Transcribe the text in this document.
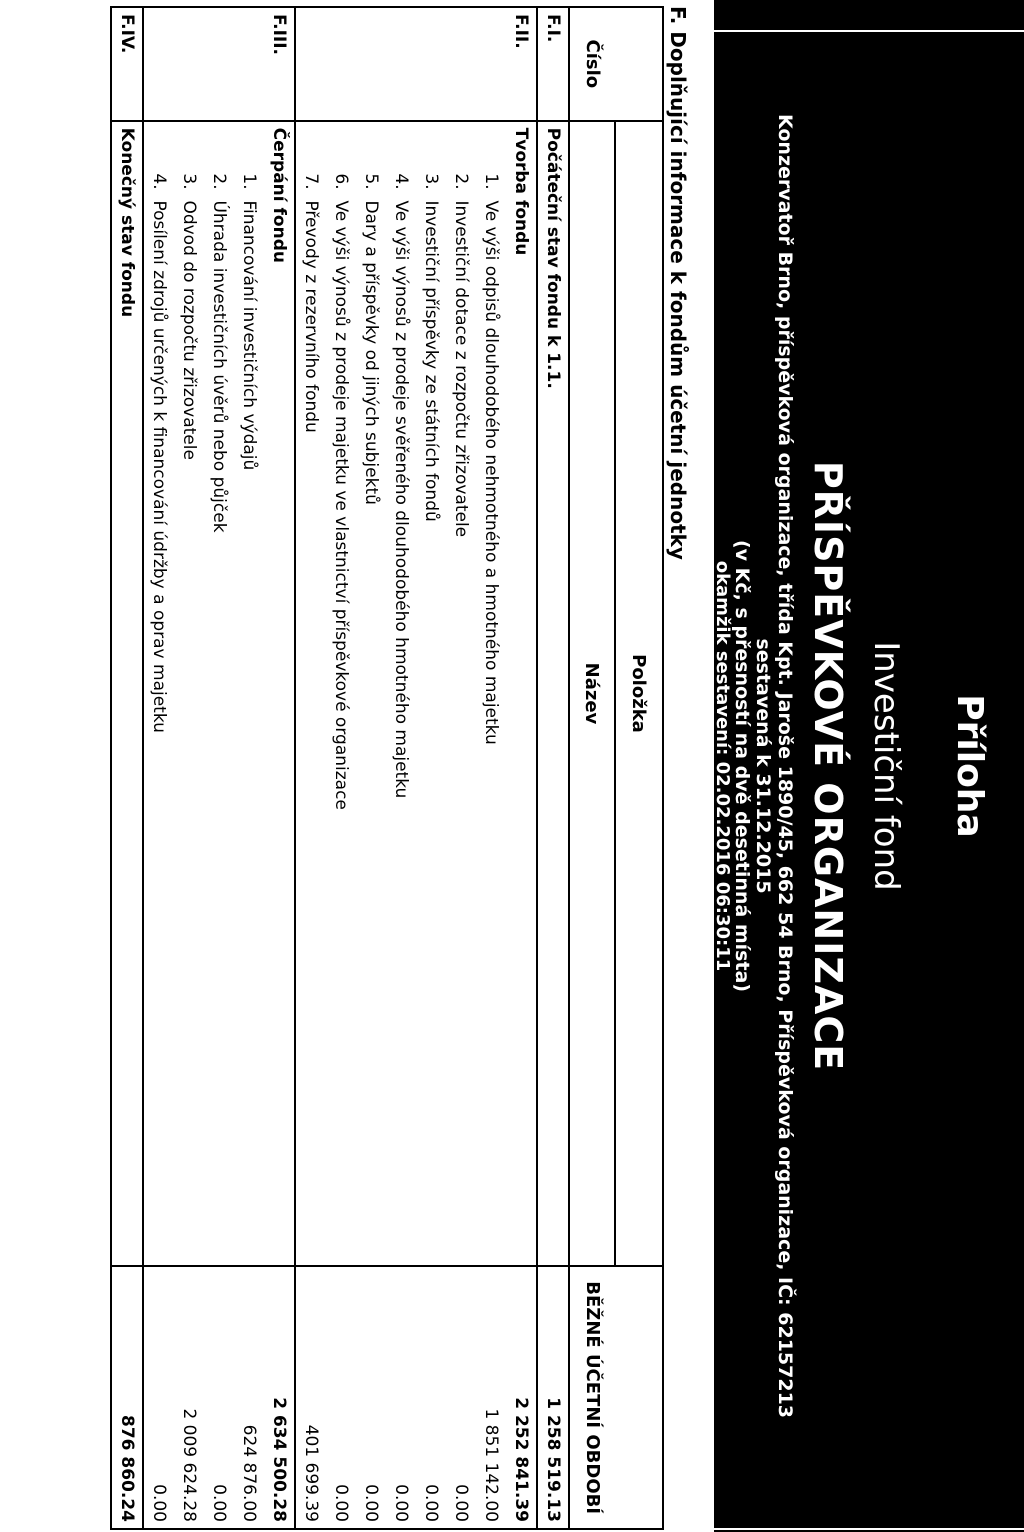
Příloha
Investiční fond
PŘÍSPĚVKOVÉ ORGANIZACE
Konzervatoř Brno, příspěvková organizace, třída Kpt. Jaroše 1890/45, 662 54 Brno, Příspěvková organizace, IČ: 62157213
sestavená k 31.12.2015
(v Kč, s přesností na dvě desetinná místa)
okamžik sestavení: 02.02.2016 06:30:11
F. Doplňující informace k fondům účetní jednotky
	Položka	
Číslo	Název	BĚŽNÉ ÚČETNÍ OBDOBÍ
F.I.	Počáteční stav fondu k 1.1.	1 258 519.13
F.II.	Tvorba fondu	2 252 841.39
	1.  Ve výši odpisů dlouhodobého nehmotného a hmotného majetku	1 851 142.00
	2.  Investiční dotace z rozpočtu zřizovatele	0.00
	3.  Investiční příspěvky ze státních fondů	0.00
	4.  Ve výši výnosů z prodeje svěřeného dlouhodobého hmotného majetku	0.00
	5.  Dary a příspěvky od jiných subjektů	0.00
	6.  Ve výši výnosů z prodeje majetku ve vlastnictví příspěvkové organizace	0.00
	7.  Převody z rezervního fondu	401 699.39
F.III.	Čerpání fondu	2 634 500.28
	1.  Financování investičních výdajů	624 876.00
	2.  Úhrada investičních úvěrů nebo půjček	0.00
	3.  Odvod do rozpočtu zřizovatele	2 009 624.28
	4.  Posílení zdrojů určených k financování údržby a oprav majetku	0.00
F.IV.	Konečný stav fondu	876 860.24
